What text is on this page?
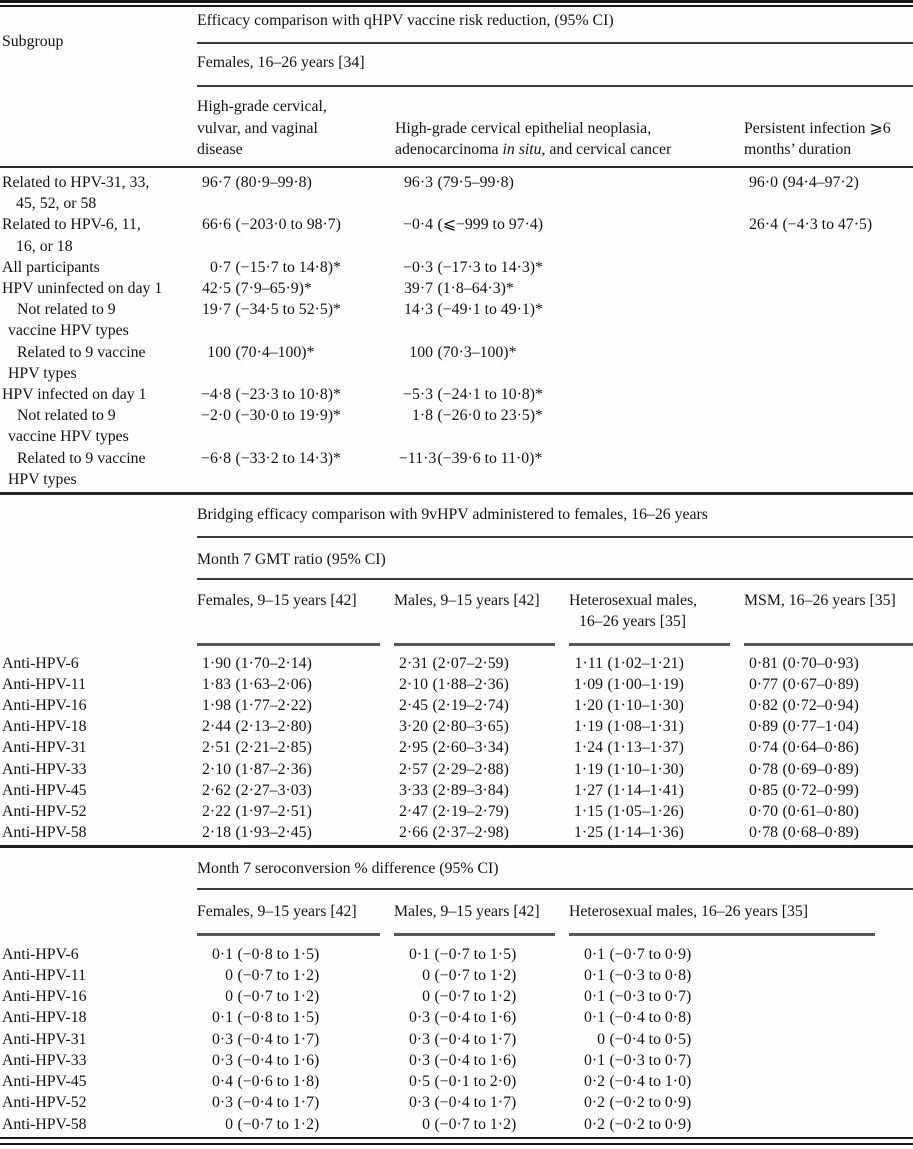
Subgroup
Efficacy comparison with qHPV vaccine risk reduction, (95% CI)
Females, 16–26 years [34]
High-grade cervical,
vulvar, and vaginal
disease
High-grade cervical epithelial neoplasia,
adenocarcinoma in situ, and cervical cancer
Persistent infection ⩾6
months’ duration
Related to HPV-31, 33,
45, 52, or 58
96·7 (80·9–99·8)	96·3 (79·5–99·8)	96·0 (94·4–97·2)
Related to HPV-6, 11,
16, or 18
66·6 (−203·0 to 98·7)	−0·4 (⩽−999 to 97·4)	26·4 (−4·3 to 47·5)
All participants	0·7 (−15·7 to 14·8)*	−0·3 (−17·3 to 14·3)*
HPV uninfected on day 1	42·5 (7·9–65·9)*	39·7 (1·8–64·3)*
Not related to 9
vaccine HPV types
19·7 (−34·5 to 52·5)*	14·3 (−49·1 to 49·1)*
Related to 9 vaccine
HPV types
100 (70·4–100)*	100 (70·3–100)*
HPV infected on day 1	−4·8 (−23·3 to 10·8)*	−5·3 (−24·1 to 10·8)*
Not related to 9
vaccine HPV types
−2·0 (−30·0 to 19·9)*	1·8 (−26·0 to 23·5)*
Related to 9 vaccine
HPV types
−6·8 (−33·2 to 14·3)*	−11·3(−39·6 to 11·0)*
Bridging efficacy comparison with 9vHPV administered to females, 16–26 years
Month 7 GMT ratio (95% CI)
Females, 9–15 years [42]	Males, 9–15 years [42]	Heterosexual males,
16–26 years [35]
MSM, 16–26 years [35]
Anti-HPV-6	1·90 (1·70–2·14)	2·31 (2·07–2·59)	1·11 (1·02–1·21)	0·81 (0·70–0·93)
Anti-HPV-11	1·83 (1·63–2·06)	2·10 (1·88–2·36)	1·09 (1·00–1·19)	0·77 (0·67–0·89)
Anti-HPV-16	1·98 (1·77–2·22)	2·45 (2·19–2·74)	1·20 (1·10–1·30)	0·82 (0·72–0·94)
Anti-HPV-18	2·44 (2·13–2·80)	3·20 (2·80–3·65)	1·19 (1·08–1·31)	0·89 (0·77–1·04)
Anti-HPV-31	2·51 (2·21–2·85)	2·95 (2·60–3·34)	1·24 (1·13–1·37)	0·74 (0·64–0·86)
Anti-HPV-33	2·10 (1·87–2·36)	2·57 (2·29–2·88)	1·19 (1·10–1·30)	0·78 (0·69–0·89)
Anti-HPV-45	2·62 (2·27–3·03)	3·33 (2·89–3·84)	1·27 (1·14–1·41)	0·85 (0·72–0·99)
Anti-HPV-52	2·22 (1·97–2·51)	2·47 (2·19–2·79)	1·15 (1·05–1·26)	0·70 (0·61–0·80)
Anti-HPV-58	2·18 (1·93–2·45)	2·66 (2·37–2·98)	1·25 (1·14–1·36)	0·78 (0·68–0·89)
Month 7 seroconversion % difference (95% CI)
Females, 9–15 years [42]	Males, 9–15 years [42]	Heterosexual males, 16–26 years [35]
Anti-HPV-6	0·1 (−0·8 to 1·5)	0·1 (−0·7 to 1·5)	0·1 (−0·7 to 0·9)
Anti-HPV-11	0 (−0·7 to 1·2)	0 (−0·7 to 1·2)	0·1 (−0·3 to 0·8)
Anti-HPV-16	0 (−0·7 to 1·2)	0 (−0·7 to 1·2)	0·1 (−0·3 to 0·7)
Anti-HPV-18	0·1 (−0·8 to 1·5)	0·3 (−0·4 to 1·6)	0·1 (−0·4 to 0·8)
Anti-HPV-31	0·3 (−0·4 to 1·7)	0·3 (−0·4 to 1·7)	0 (−0·4 to 0·5)
Anti-HPV-33	0·3 (−0·4 to 1·6)	0·3 (−0·4 to 1·6)	0·1 (−0·3 to 0·7)
Anti-HPV-45	0·4 (−0·6 to 1·8)	0·5 (−0·1 to 2·0)	0·2 (−0·4 to 1·0)
Anti-HPV-52	0·3 (−0·4 to 1·7)	0·3 (−0·4 to 1·7)	0·2 (−0·2 to 0·9)
Anti-HPV-58	0 (−0·7 to 1·2)	0 (−0·7 to 1·2)	0·2 (−0·2 to 0·9)
